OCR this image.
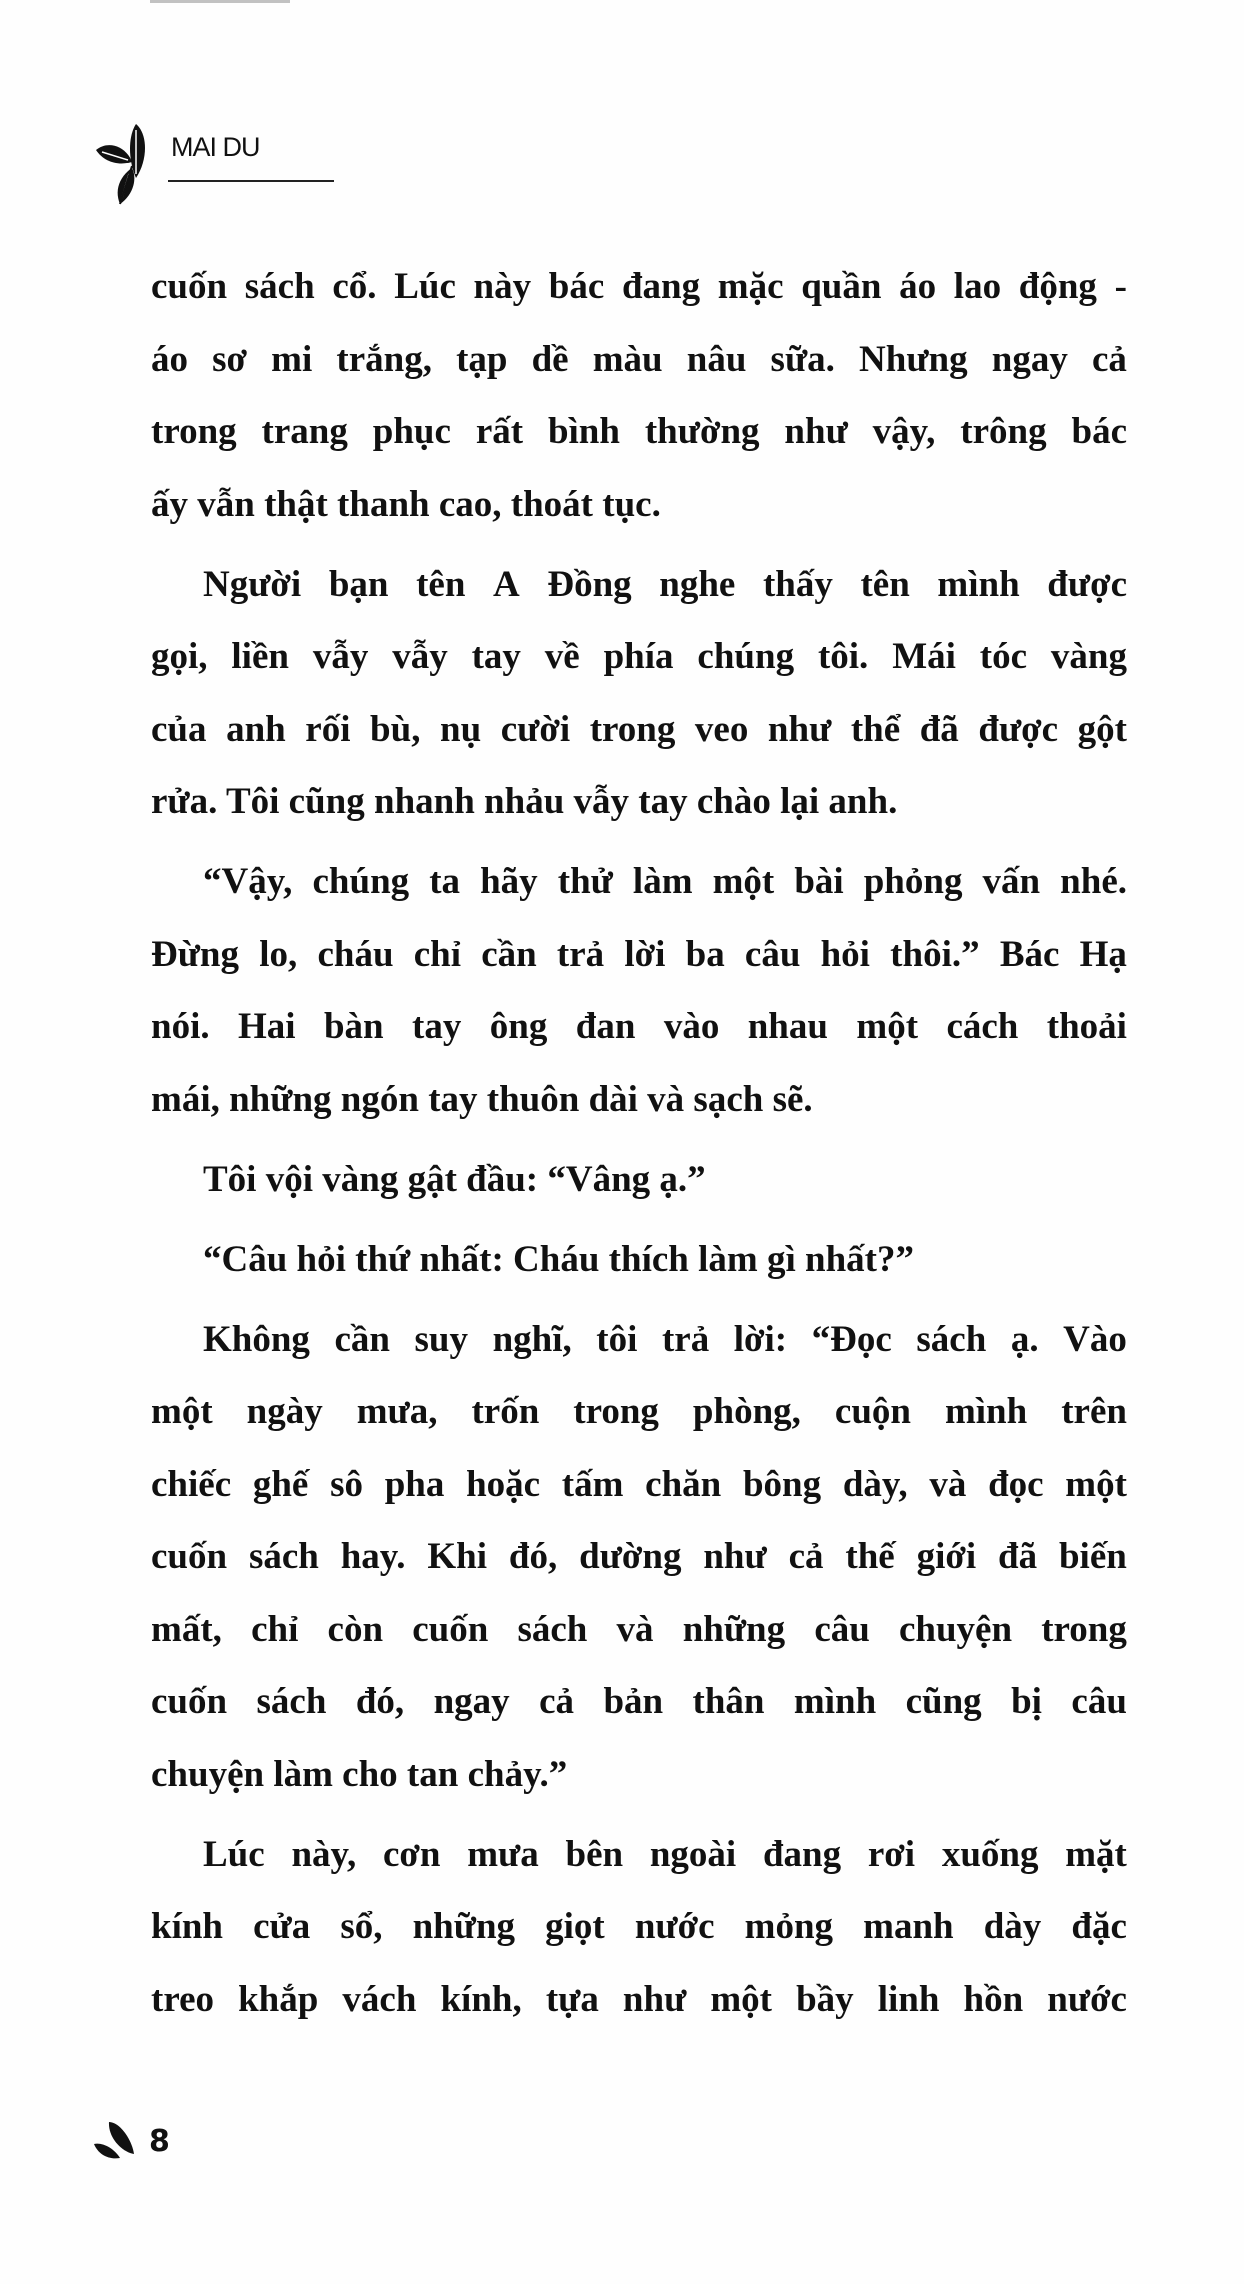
MAI DU
cuốn sách cổ. Lúc này bác đang mặc quần áo lao động -
áo sơ mi trắng, tạp dề màu nâu sữa. Nhưng ngay cả
trong trang phục rất bình thường như vậy, trông bác
ấy vẫn thật thanh cao, thoát tục.
Người bạn tên A Đồng nghe thấy tên mình được
gọi, liền vẫy vẫy tay về phía chúng tôi. Mái tóc vàng
của anh rối bù, nụ cười trong veo như thể đã được gột
rửa. Tôi cũng nhanh nhảu vẫy tay chào lại anh.
“Vậy, chúng ta hãy thử làm một bài phỏng vấn nhé.
Đừng lo, cháu chỉ cần trả lời ba câu hỏi thôi.” Bác Hạ
nói. Hai bàn tay ông đan vào nhau một cách thoải
mái, những ngón tay thuôn dài và sạch sẽ.
Tôi vội vàng gật đầu: “Vâng ạ.”
“Câu hỏi thứ nhất: Cháu thích làm gì nhất?”
Không cần suy nghĩ, tôi trả lời: “Đọc sách ạ. Vào
một ngày mưa, trốn trong phòng, cuộn mình trên
chiếc ghế sô pha hoặc tấm chăn bông dày, và đọc một
cuốn sách hay. Khi đó, dường như cả thế giới đã biến
mất, chỉ còn cuốn sách và những câu chuyện trong
cuốn sách đó, ngay cả bản thân mình cũng bị câu
chuyện làm cho tan chảy.”
Lúc này, cơn mưa bên ngoài đang rơi xuống mặt
kính cửa sổ, những giọt nước mỏng manh dày đặc
treo khắp vách kính, tựa như một bầy linh hồn nước
8
